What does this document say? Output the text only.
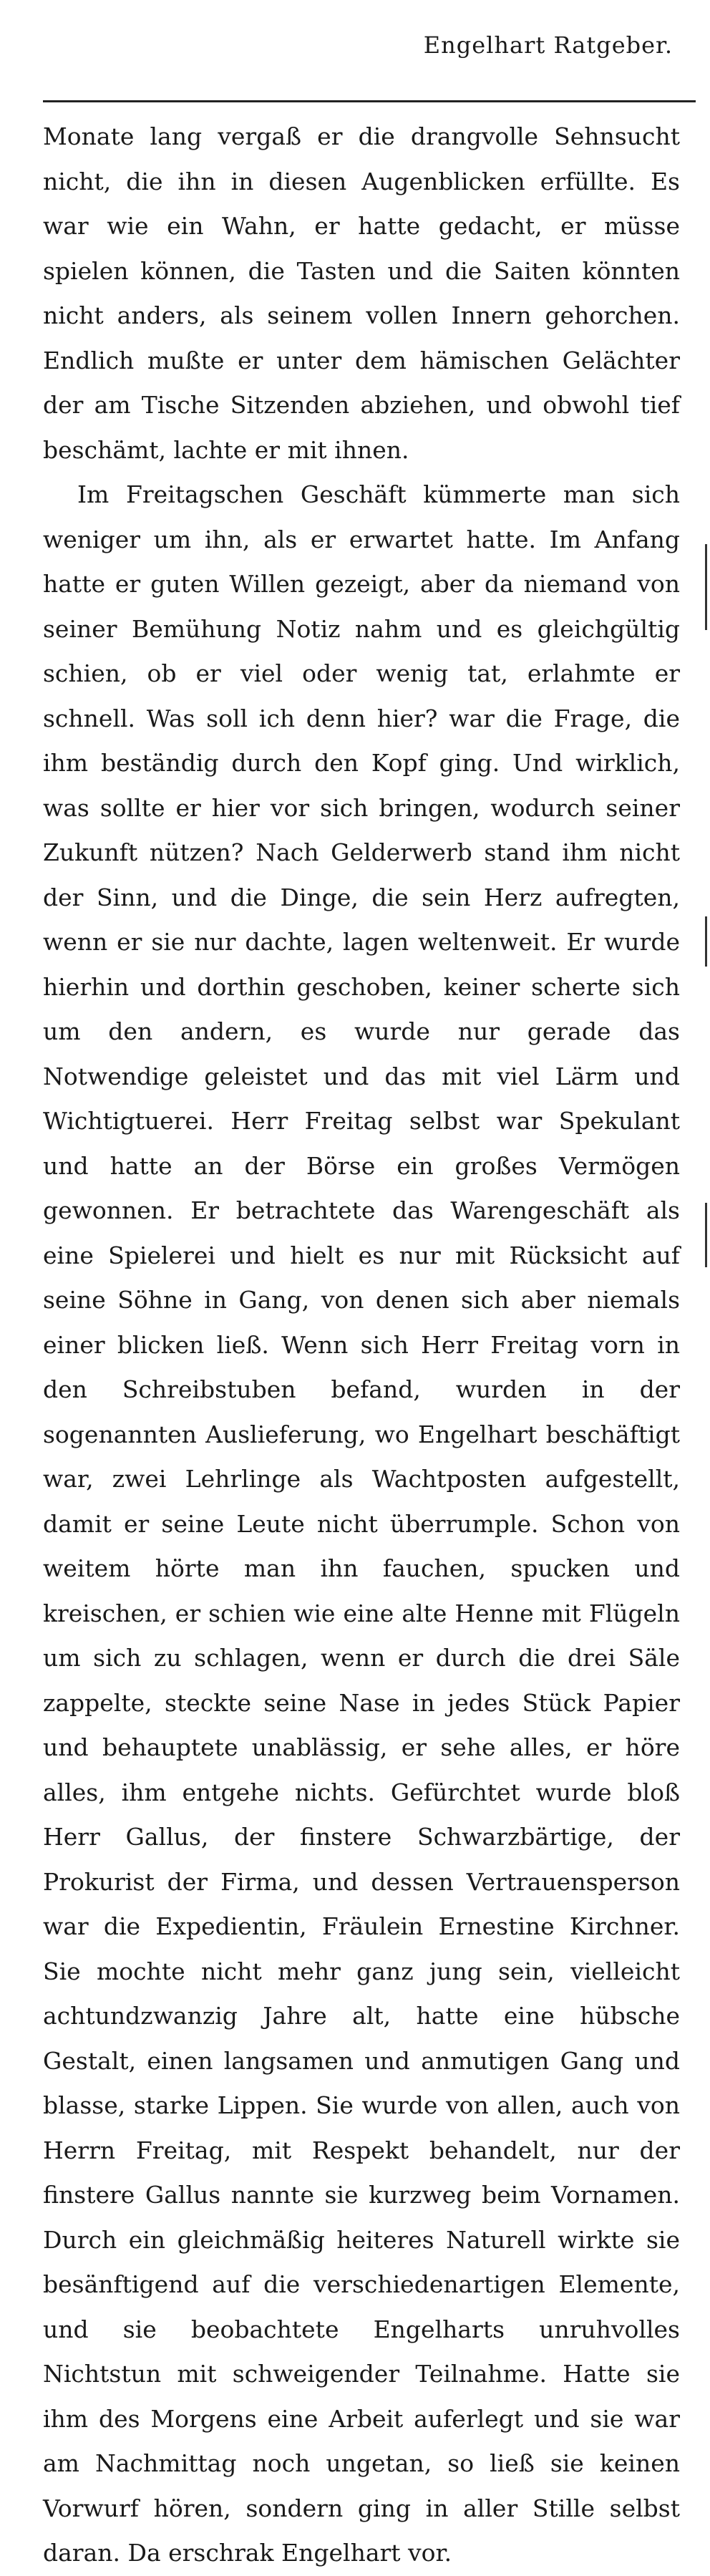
Engelhart Ratgeber.

Monate lang vergaß er die drangvolle Sehnsucht nicht, die ihn in diesen Augenblicken erfüllte. Es war wie ein Wahn, er hatte gedacht, er müsse spielen können, die Tasten und die Saiten könnten nicht anders, als seinem vollen Innern gehorchen. Endlich mußte er unter dem hämischen Gelächter der am Tische Sitzenden abziehen, und obwohl tief beschämt, lachte er mit ihnen.

Im Freitagschen Geschäft kümmerte man sich weniger um ihn, als er erwartet hatte. Im Anfang hatte er guten Willen gezeigt, aber da niemand von seiner Bemühung Notiz nahm und es gleichgültig schien, ob er viel oder wenig tat, erlahmte er schnell. Was soll ich denn hier? war die Frage, die ihm beständig durch den Kopf ging. Und wirklich, was sollte er hier vor sich bringen, wodurch seiner Zukunft nützen? Nach Gelderwerb stand ihm nicht der Sinn, und die Dinge, die sein Herz aufregten, wenn er sie nur dachte, lagen weltenweit. Er wurde hierhin und dorthin geschoben, keiner scherte sich um den andern, es wurde nur gerade das Notwendige geleistet und das mit viel Lärm und Wichtigtuerei. Herr Freitag selbst war Spekulant und hatte an der Börse ein großes Vermögen gewonnen. Er betrachtete das Warengeschäft als eine Spielerei und hielt es nur mit Rücksicht auf seine Söhne in Gang, von denen sich aber niemals einer blicken ließ. Wenn sich Herr Freitag vorn in den Schreibstuben befand, wurden in der sogenannten Auslieferung, wo Engelhart beschäftigt war, zwei Lehrlinge als Wachtposten aufgestellt, damit er seine Leute nicht überrumple. Schon von weitem hörte man ihn fauchen, spucken und kreischen, er schien wie eine alte Henne mit Flügeln um sich zu schlagen, wenn er durch die drei Säle zappelte, steckte seine Nase in jedes Stück Papier und behauptete unablässig, er sehe alles, er höre alles, ihm entgehe nichts. Gefürchtet wurde bloß Herr Gallus, der finstere Schwarzbärtige, der Prokurist der Firma, und dessen Vertrauensperson war die Expedientin, Fräulein Ernestine Kirchner. Sie mochte nicht mehr ganz jung sein, vielleicht achtundzwanzig Jahre alt, hatte eine hübsche Gestalt, einen langsamen und anmutigen Gang und blasse, starke Lippen. Sie wurde von allen, auch von Herrn Freitag, mit Respekt behandelt, nur der finstere Gallus nannte sie kurzweg beim Vornamen. Durch ein gleichmäßig heiteres Naturell wirkte sie besänftigend auf die verschiedenartigen Elemente, und sie beobachtete Engelharts unruhvolles Nichtstun mit schweigender Teilnahme. Hatte sie ihm des Morgens eine Arbeit auferlegt und sie war am Nachmittag noch ungetan, so ließ sie keinen Vorwurf hören, sondern ging in aller Stille selbst daran. Da erschrak Engelhart vor.
